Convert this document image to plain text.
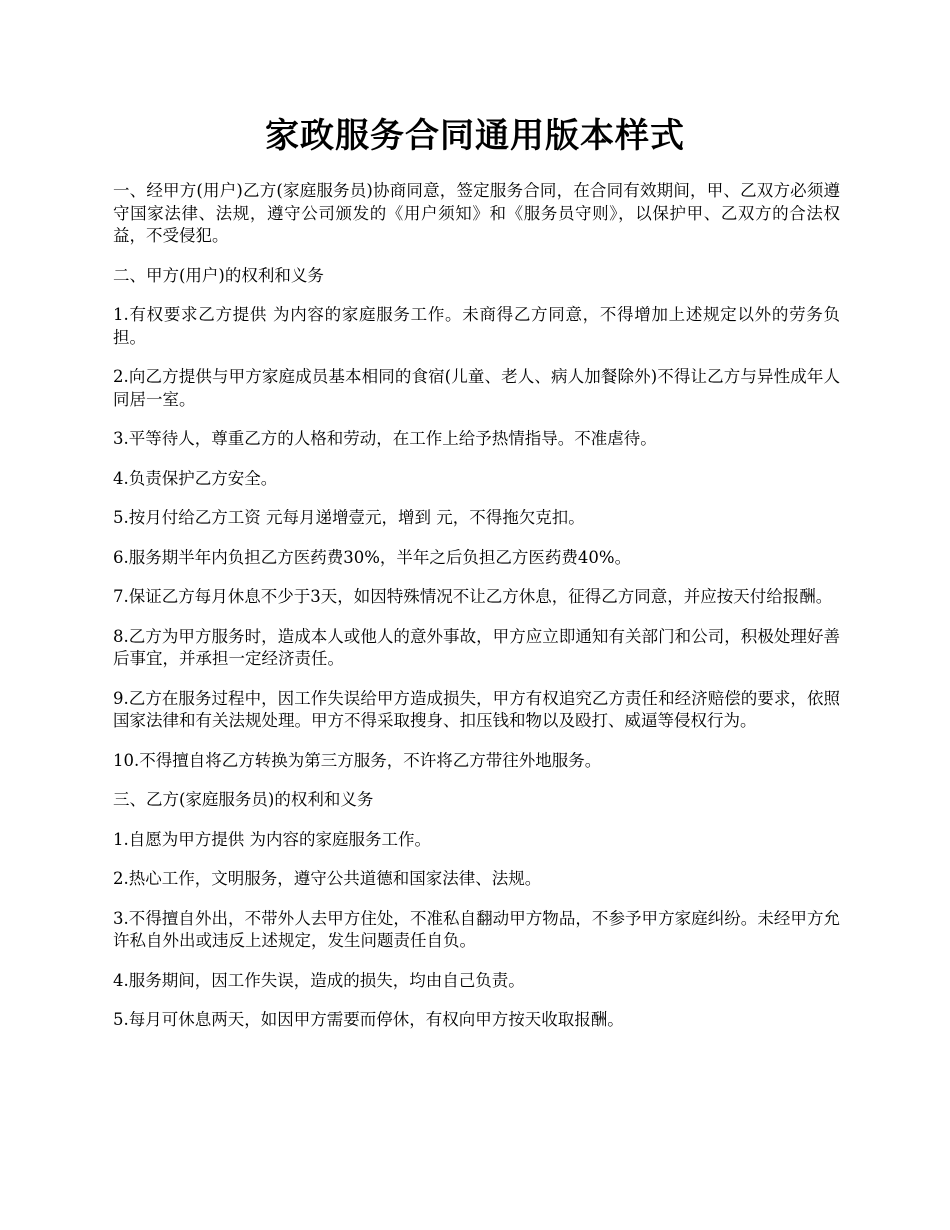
家政服务合同通用版本样式

一、经甲方(用户)乙方(家庭服务员)协商同意，签定服务合同，在合同有效期间，甲、乙双方必须遵守国家法律、法规，遵守公司颁发的《用户须知》和《服务员守则》，以保护甲、乙双方的合法权益，不受侵犯。

二、甲方(用户)的权利和义务

1.有权要求乙方提供 为内容的家庭服务工作。未商得乙方同意，不得增加上述规定以外的劳务负担。

2.向乙方提供与甲方家庭成员基本相同的食宿(儿童、老人、病人加餐除外)不得让乙方与异性成年人同居一室。

3.平等待人，尊重乙方的人格和劳动，在工作上给予热情指导。不准虐待。

4.负责保护乙方安全。

5.按月付给乙方工资 元每月递增壹元，增到 元，不得拖欠克扣。

6.服务期半年内负担乙方医药费30%，半年之后负担乙方医药费40%。

7.保证乙方每月休息不少于3天，如因特殊情况不让乙方休息，征得乙方同意，并应按天付给报酬。

8.乙方为甲方服务时，造成本人或他人的意外事故，甲方应立即通知有关部门和公司，积极处理好善后事宜，并承担一定经济责任。

9.乙方在服务过程中，因工作失误给甲方造成损失，甲方有权追究乙方责任和经济赔偿的要求，依照国家法律和有关法规处理。甲方不得采取搜身、扣压钱和物以及殴打、威逼等侵权行为。

10.不得擅自将乙方转换为第三方服务，不许将乙方带往外地服务。

三、乙方(家庭服务员)的权利和义务

1.自愿为甲方提供 为内容的家庭服务工作。

2.热心工作，文明服务，遵守公共道德和国家法律、法规。

3.不得擅自外出，不带外人去甲方住处，不准私自翻动甲方物品，不参予甲方家庭纠纷。未经甲方允许私自外出或违反上述规定，发生问题责任自负。

4.服务期间，因工作失误，造成的损失，均由自己负责。

5.每月可休息两天，如因甲方需要而停休，有权向甲方按天收取报酬。
